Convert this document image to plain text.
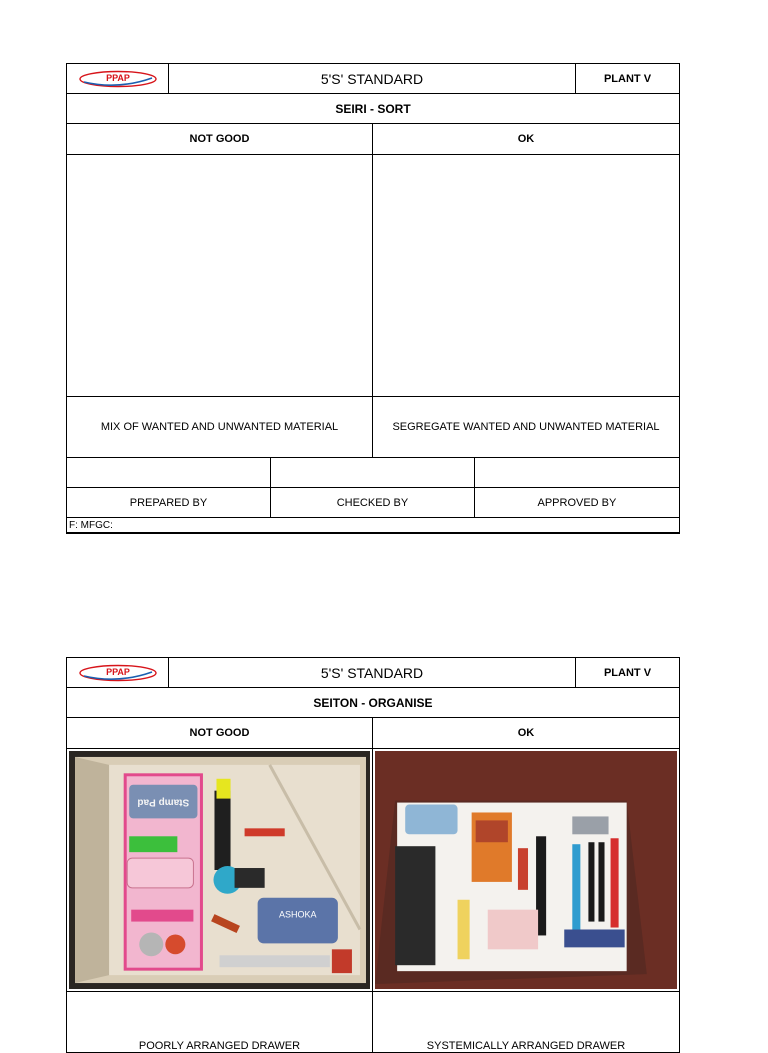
PPAP	5'S' STANDARD	PLANT V
SEIRI - SORT
NOT GOOD	OK
MIX OF WANTED AND UNWANTED MATERIAL	SEGREGATE WANTED AND UNWANTED MATERIAL
PREPARED BY	CHECKED BY	APPROVED BY
F: MFGC:
PPAP	5'S' STANDARD	PLANT V
SEITON - ORGANISE
NOT GOOD	OK
Stamp Pad
ASHOKA
POORLY ARRANGED DRAWER	SYSTEMICALLY ARRANGED DRAWER
